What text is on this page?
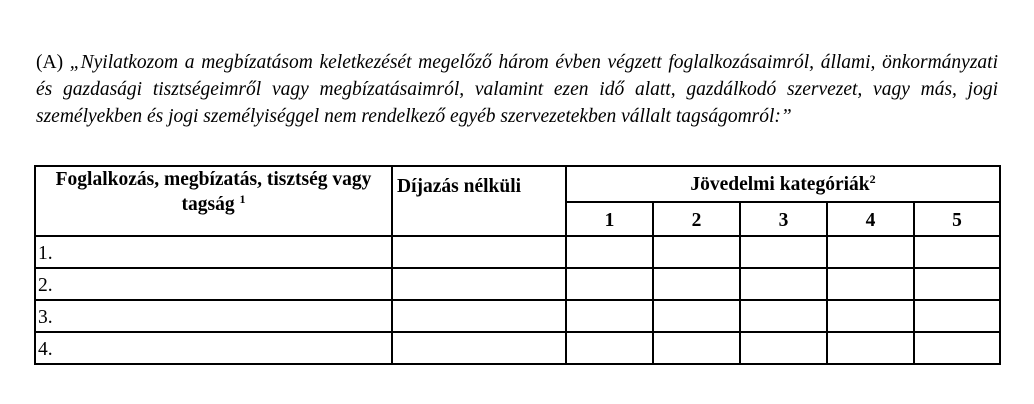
(A) „Nyilatkozom a megbízatásom keletkezését megelőző három évben végzett foglalkozásaimról, állami, önkormányzati és gazdasági tisztségeimről vagy megbízatásaimról, valamint ezen idő alatt, gazdálkodó szervezet, vagy más, jogi személyekben és jogi személyiséggel nem rendelkező egyéb szervezetekben vállalt tagságomról:”

Foglalkozás, megbízatás, tisztség vagy tagság $^1$	Díjazás nélküli	Jövedelmi kategóriák$^2$
		1	2	3	4	5
1.						
2.						
3.						
4.						
